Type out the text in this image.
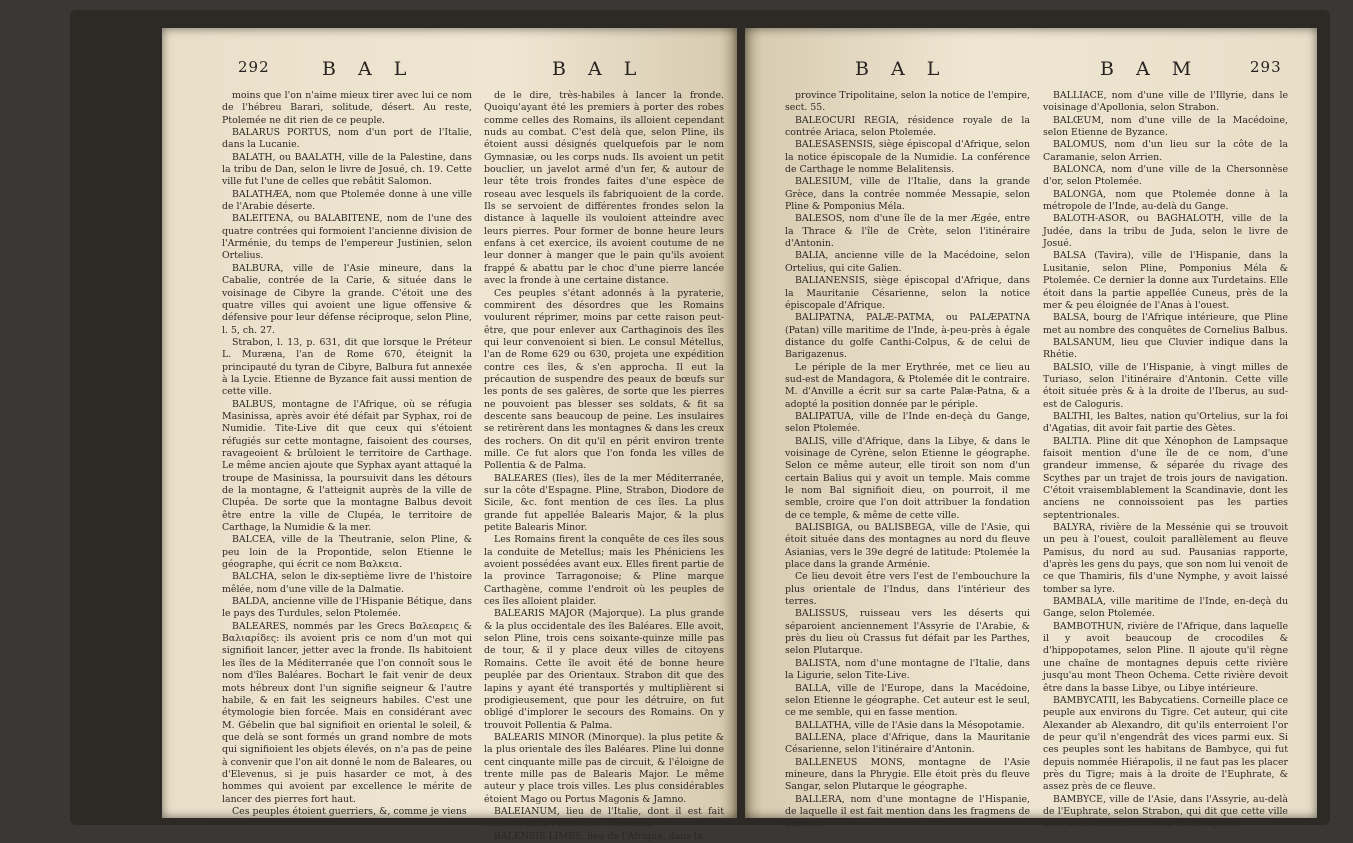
292	B A L	B A L

moins que l'on n'aime mieux tirer avec lui ce nom de l'hébreu Barari, solitude, désert. Au reste, Ptolemée ne dit rien de ce peuple.

BALARUS PORTUS, nom d'un port de l'Italie, dans la Lucanie.

BALATH, ou BAALATH, ville de la Palestine, dans la tribu de Dan, selon le livre de Josué, ch. 19. Cette ville fut l'une de celles que rebâtit Salomon.

BALATHÆA, nom que Ptolemée donne à une ville de l'Arabie déserte.

BALEITENA, ou BALABITENE, nom de l'une des quatre contrées qui formoient l'ancienne division de l'Arménie, du temps de l'empereur Justinien, selon Ortelius.

BALBURA, ville de l'Asie mineure, dans la Cabalie, contrée de la Carie, & située dans le voisinage de Cibyre la grande. C'étoit une des quatre villes qui avoient une ligue offensive & défensive pour leur défense réciproque, selon Pline, l. 5, ch. 27.

Strabon, l. 13, p. 631, dit que lorsque le Préteur L. Muræna, l'an de Rome 670, éteignit la principauté du tyran de Cibyre, Balbura fut annexée à la Lycie. Etienne de Byzance fait aussi mention de cette ville.

BALBUS, montagne de l'Afrique, où se réfugia Masinissa, après avoir été défait par Syphax, roi de Numidie. Tite-Live dit que ceux qui s'étoient réfugiés sur cette montagne, faisoient des courses, ravageoient & brûloient le territoire de Carthage. Le même ancien ajoute que Syphax ayant attaqué la troupe de Masinissa, la poursuivit dans les détours de la montagne, & l'atteignit auprès de la ville de Clupéa. De sorte que la montagne Balbus devoit être entre la ville de Clupéa, le territoire de Carthage, la Numidie & la mer.

BALCEA, ville de la Theutranie, selon Pline, & peu loin de la Propontide, selon Etienne le géographe, qui écrit ce nom Βαλκεια.

BALCHA, selon le dix-septième livre de l'histoire mêlée, nom d'une ville de la Dalmatie.

BALDA, ancienne ville de l'Hispanie Bétique, dans le pays des Turdules, selon Ptolemée.

BALEARES, nommés par les Grecs Βαλεαρεις & Βαλιαρίδες: ils avoient pris ce nom d'un mot qui signifioit lancer, jetter avec la fronde. Ils habitoient les îles de la Méditerranée que l'on connoît sous le nom d'îles Baléares. Bochart le fait venir de deux mots hébreux dont l'un signifie seigneur & l'autre habile, & en fait les seigneurs habiles. C'est une étymologie bien forcée. Mais en considérant avec M. Gébelin que bal signifioit en oriental le soleil, & que delà se sont formés un grand nombre de mots qui signifioient les objets élevés, on n'a pas de peine à convenir que l'on ait donné le nom de Baleares, ou d'Elevenus, si je puis hasarder ce mot, à des hommes qui avoient par excellence le mérite de lancer des pierres fort haut.

Ces peuples étoient guerriers, &, comme je viens

de le dire, très-habiles à lancer la fronde. Quoiqu'ayant été les premiers à porter des robes comme celles des Romains, ils alloient cependant nuds au combat. C'est delà que, selon Pline, ils étoient aussi désignés quelquefois par le nom Gymnasiæ, ou les corps nuds. Ils avoient un petit bouclier, un javelot armé d'un fer, & autour de leur tête trois frondes faites d'une espèce de roseau avec lesquels ils fabriquoient de la corde. Ils se servoient de différentes frondes selon la distance à laquelle ils vouloient atteindre avec leurs pierres. Pour former de bonne heure leurs enfans à cet exercice, ils avoient coutume de ne leur donner à manger que le pain qu'ils avoient frappé & abattu par le choc d'une pierre lancée avec la fronde à une certaine distance.

Ces peuples s'étant adonnés à la pyraterie, commirent des désordres que les Romains voulurent réprimer, moins par cette raison peut-être, que pour enlever aux Carthaginois des îles qui leur convenoient si bien. Le consul Métellus, l'an de Rome 629 ou 630, projeta une expédition contre ces îles, & s'en approcha. Il eut la précaution de suspendre des peaux de bœufs sur les ponts de ses galères, de sorte que les pierres ne pouvoient pas blesser ses soldats, & fit sa descente sans beaucoup de peine. Les insulaires se retirèrent dans les montagnes & dans les creux des rochers. On dit qu'il en périt environ trente mille. Ce fut alors que l'on fonda les villes de Pollentia & de Palma.

BALEARES (Iles), îles de la mer Méditerranée, sur la côte d'Espagne. Pline, Strabon, Diodore de Sicile, &c. font mention de ces îles. La plus grande fut appellée Balearis Major, & la plus petite Balearis Minor.

Les Romains firent la conquête de ces îles sous la conduite de Metellus; mais les Phéniciens les avoient possédées avant eux. Elles firent partie de la province Tarragonoise; & Pline marque Carthagène, comme l'endroit où les peuples de ces îles alloient plaider.

BALEARIS MAJOR (Majorque). La plus grande & la plus occidentale des îles Baléares. Elle avoit, selon Pline, trois cens soixante-quinze mille pas de tour, & il y place deux villes de citoyens Romains. Cette île avoit été de bonne heure peuplée par des Orientaux. Strabon dit que des lapins y ayant été transportés y multiplièrent si prodigieusement, que pour les détruire, on fut obligé d'implorer le secours des Romains. On y trouvoit Pollentia & Palma.

BALEARIS MINOR (Minorque). la plus petite & la plus orientale des îles Baléares. Pline lui donne cent cinquante mille pas de circuit, & l'éloigne de trente mille pas de Balearis Major. Le même auteur y place trois villes. Les plus considérables étoient Mago ou Portus Magonis & Jamno.

BALEIANUM, lieu de l'Italie, dont il est fait mention dans l'itinéraire d'Antonin.

BALENSIS LIMES, lieu de l'Afrique, dans la

B A L	B A M	293

province Tripolitaine, selon la notice de l'empire, sect. 55.

BALEOCURI REGIA, résidence royale de la contrée Ariaca, selon Ptolemée.

BALESASENSIS, siège épiscopal d'Afrique, selon la notice épiscopale de la Numidie. La conférence de Carthage le nomme Belalitensis.

BALESIUM, ville de l'Italie, dans la grande Grèce, dans la contrée nommée Messapie, selon Pline & Pomponius Méla.

BALESOS, nom d'une île de la mer Ægée, entre la Thrace & l'île de Crète, selon l'itinéraire d'Antonin.

BALIA, ancienne ville de la Macédoine, selon Ortelius, qui cite Galien.

BALIANENSIS, siège épiscopal d'Afrique, dans la Mauritanie Césarienne, selon la notice épiscopale d'Afrique.

BALIPATNA, PALÆ-PATMA, ou PALÆPATNA (Patan) ville maritime de l'Inde, à-peu-près à égale distance du golfe Canthi-Colpus, & de celui de Barigazenus.

Le périple de la mer Erythrée, met ce lieu au sud-est de Mandagora, & Ptolemée dit le contraire. M. d'Anville a écrit sur sa carte Palæ-Patna, & a adopté la position donnée par le périple.

BALIPATUA, ville de l'Inde en-deçà du Gange, selon Ptolemée.

BALIS, ville d'Afrique, dans la Libye, & dans le voisinage de Cyrène, selon Etienne le géographe. Selon ce même auteur, elle tiroit son nom d'un certain Balius qui y avoit un temple. Mais comme le nom Bal signifioit dieu, on pourroit, il me semble, croire que l'on doit attribuer la fondation de ce temple, & même de cette ville.

BALISBIGA, ou BALISBEGA, ville de l'Asie, qui étoit située dans des montagnes au nord du fleuve Asianias, vers le 39e degré de latitude: Ptolemée la place dans la grande Arménie.

Ce lieu devoit être vers l'est de l'embouchure la plus orientale de l'Indus, dans l'intérieur des terres.

BALISSUS, ruisseau vers les déserts qui séparoient anciennement l'Assyrie de l'Arabie, & près du lieu où Crassus fut défait par les Parthes, selon Plutarque.

BALISTA, nom d'une montagne de l'Italie, dans la Ligurie, selon Tite-Live.

BALLA, ville de l'Europe, dans la Macédoine, selon Etienne le géographe. Cet auteur est le seul, ce me semble, qui en fasse mention.

BALLATHA, ville de l'Asie dans la Mésopotamie.

BALLENA, place d'Afrique, dans la Mauritanie Césarienne, selon l'itinéraire d'Antonin.

BALLENEUS MONS, montagne de l'Asie mineure, dans la Phrygie. Elle étoit près du fleuve Sangar, selon Plutarque le géographe.

BALLERA, nom d'une montagne de l'Hispanie, de laquelle il est fait mention dans les fragmens de Saluste.

BALLIACE, nom d'une ville de l'Illyrie, dans le voisinage d'Apollonia, selon Strabon.

BALŒUM, nom d'une ville de la Macédoine, selon Etienne de Byzance.

BALOMUS, nom d'un lieu sur la côte de la Caramanie, selon Arrien.

BALONCA, nom d'une ville de la Chersonnèse d'or, selon Ptolemée.

BALONGA, nom que Ptolemée donne à la métropole de l'Inde, au-delà du Gange.

BALOTH-ASOR, ou BAGHALOTH, ville de la Judée, dans la tribu de Juda, selon le livre de Josué.

BALSA (Tavira), ville de l'Hispanie, dans la Lusitanie, selon Pline, Pomponius Méla & Ptolemée. Ce dernier la donne aux Turdetains. Elle étoit dans la partie appellée Cuneus, près de la mer & peu éloignée de l'Anas à l'ouest.

BALSA, bourg de l'Afrique intérieure, que Pline met au nombre des conquêtes de Cornelius Balbus.

BALSANUM, lieu que Cluvier indique dans la Rhétie.

BALSIO, ville de l'Hispanie, à vingt milles de Turiaso, selon l'itinéraire d'Antonin. Cette ville étoit située près & à la droite de l'Iberus, au sud-est de Caloguris.

BALTHI, les Baltes, nation qu'Ortelius, sur la foi d'Agatias, dit avoir fait partie des Gètes.

BALTIA. Pline dit que Xénophon de Lampsaque faisoit mention d'une île de ce nom, d'une grandeur immense, & séparée du rivage des Scythes par un trajet de trois jours de navigation. C'étoit vraisemblablement la Scandinavie, dont les anciens ne connoissoient pas les parties septentrionales.

BALYRA, rivière de la Messénie qui se trouvoit un peu à l'ouest, couloit parallèlement au fleuve Pamisus, du nord au sud. Pausanias rapporte, d'après les gens du pays, que son nom lui venoit de ce que Thamiris, fils d'une Nymphe, y avoit laissé tomber sa lyre.

BAMBALA, ville maritime de l'Inde, en-deçà du Gange, selon Ptolemée.

BAMBOTHUN, rivière de l'Afrique, dans laquelle il y avoit beaucoup de crocodiles & d'hippopotames, selon Pline. Il ajoute qu'il règne une chaîne de montagnes depuis cette rivière jusqu'au mont Theon Ochema. Cette rivière devoit être dans la basse Libye, ou Libye intérieure.

BAMBYCATII, les Babycatiens. Corneille place ce peuple aux environs du Tigre. Cet auteur, qui cite Alexander ab Alexandro, dit qu'ils enterroient l'or de peur qu'il n'engendrât des vices parmi eux. Si ces peuples sont les habitans de Bambyce, qui fut depuis nommée Hiérapolis, il ne faut pas les placer près du Tigre; mais à la droite de l'Euphrate, & assez près de ce fleuve.

BAMBYCE, ville de l'Asie, dans l'Assyrie, au-delà de l'Euphrate, selon Strabon, qui dit que cette ville étoit aussi nommée Edessa & Hiérapolis.
